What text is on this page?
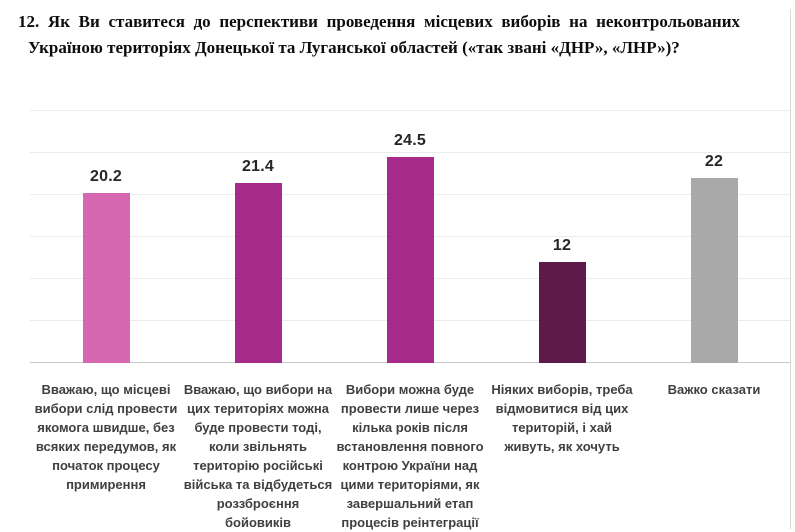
12. Як Ви ставитеся до перспективи проведення місцевих виборів на неконтрольованих Україною територіях Донецької та Луганської областей («так звані «ДНР», «ЛНР»)?
20.2
21.4
24.5
12
22
Вважаю, що місцеві вибори слід провести якомога швидше, без всяких передумов, як початок процесу примирення
Вважаю, що вибори на цих територіях можна буде провести тоді, коли звільнять територію російські війська та відбудеться роззброєння бойовиків
Вибори можна буде провести лише через кілька років після встановлення повного контрою України над цими територіями, як завершальний етап процесів реінтеграції
Ніяких виборів, треба відмовитися від цих територій, і хай живуть, як хочуть
Важко сказати
